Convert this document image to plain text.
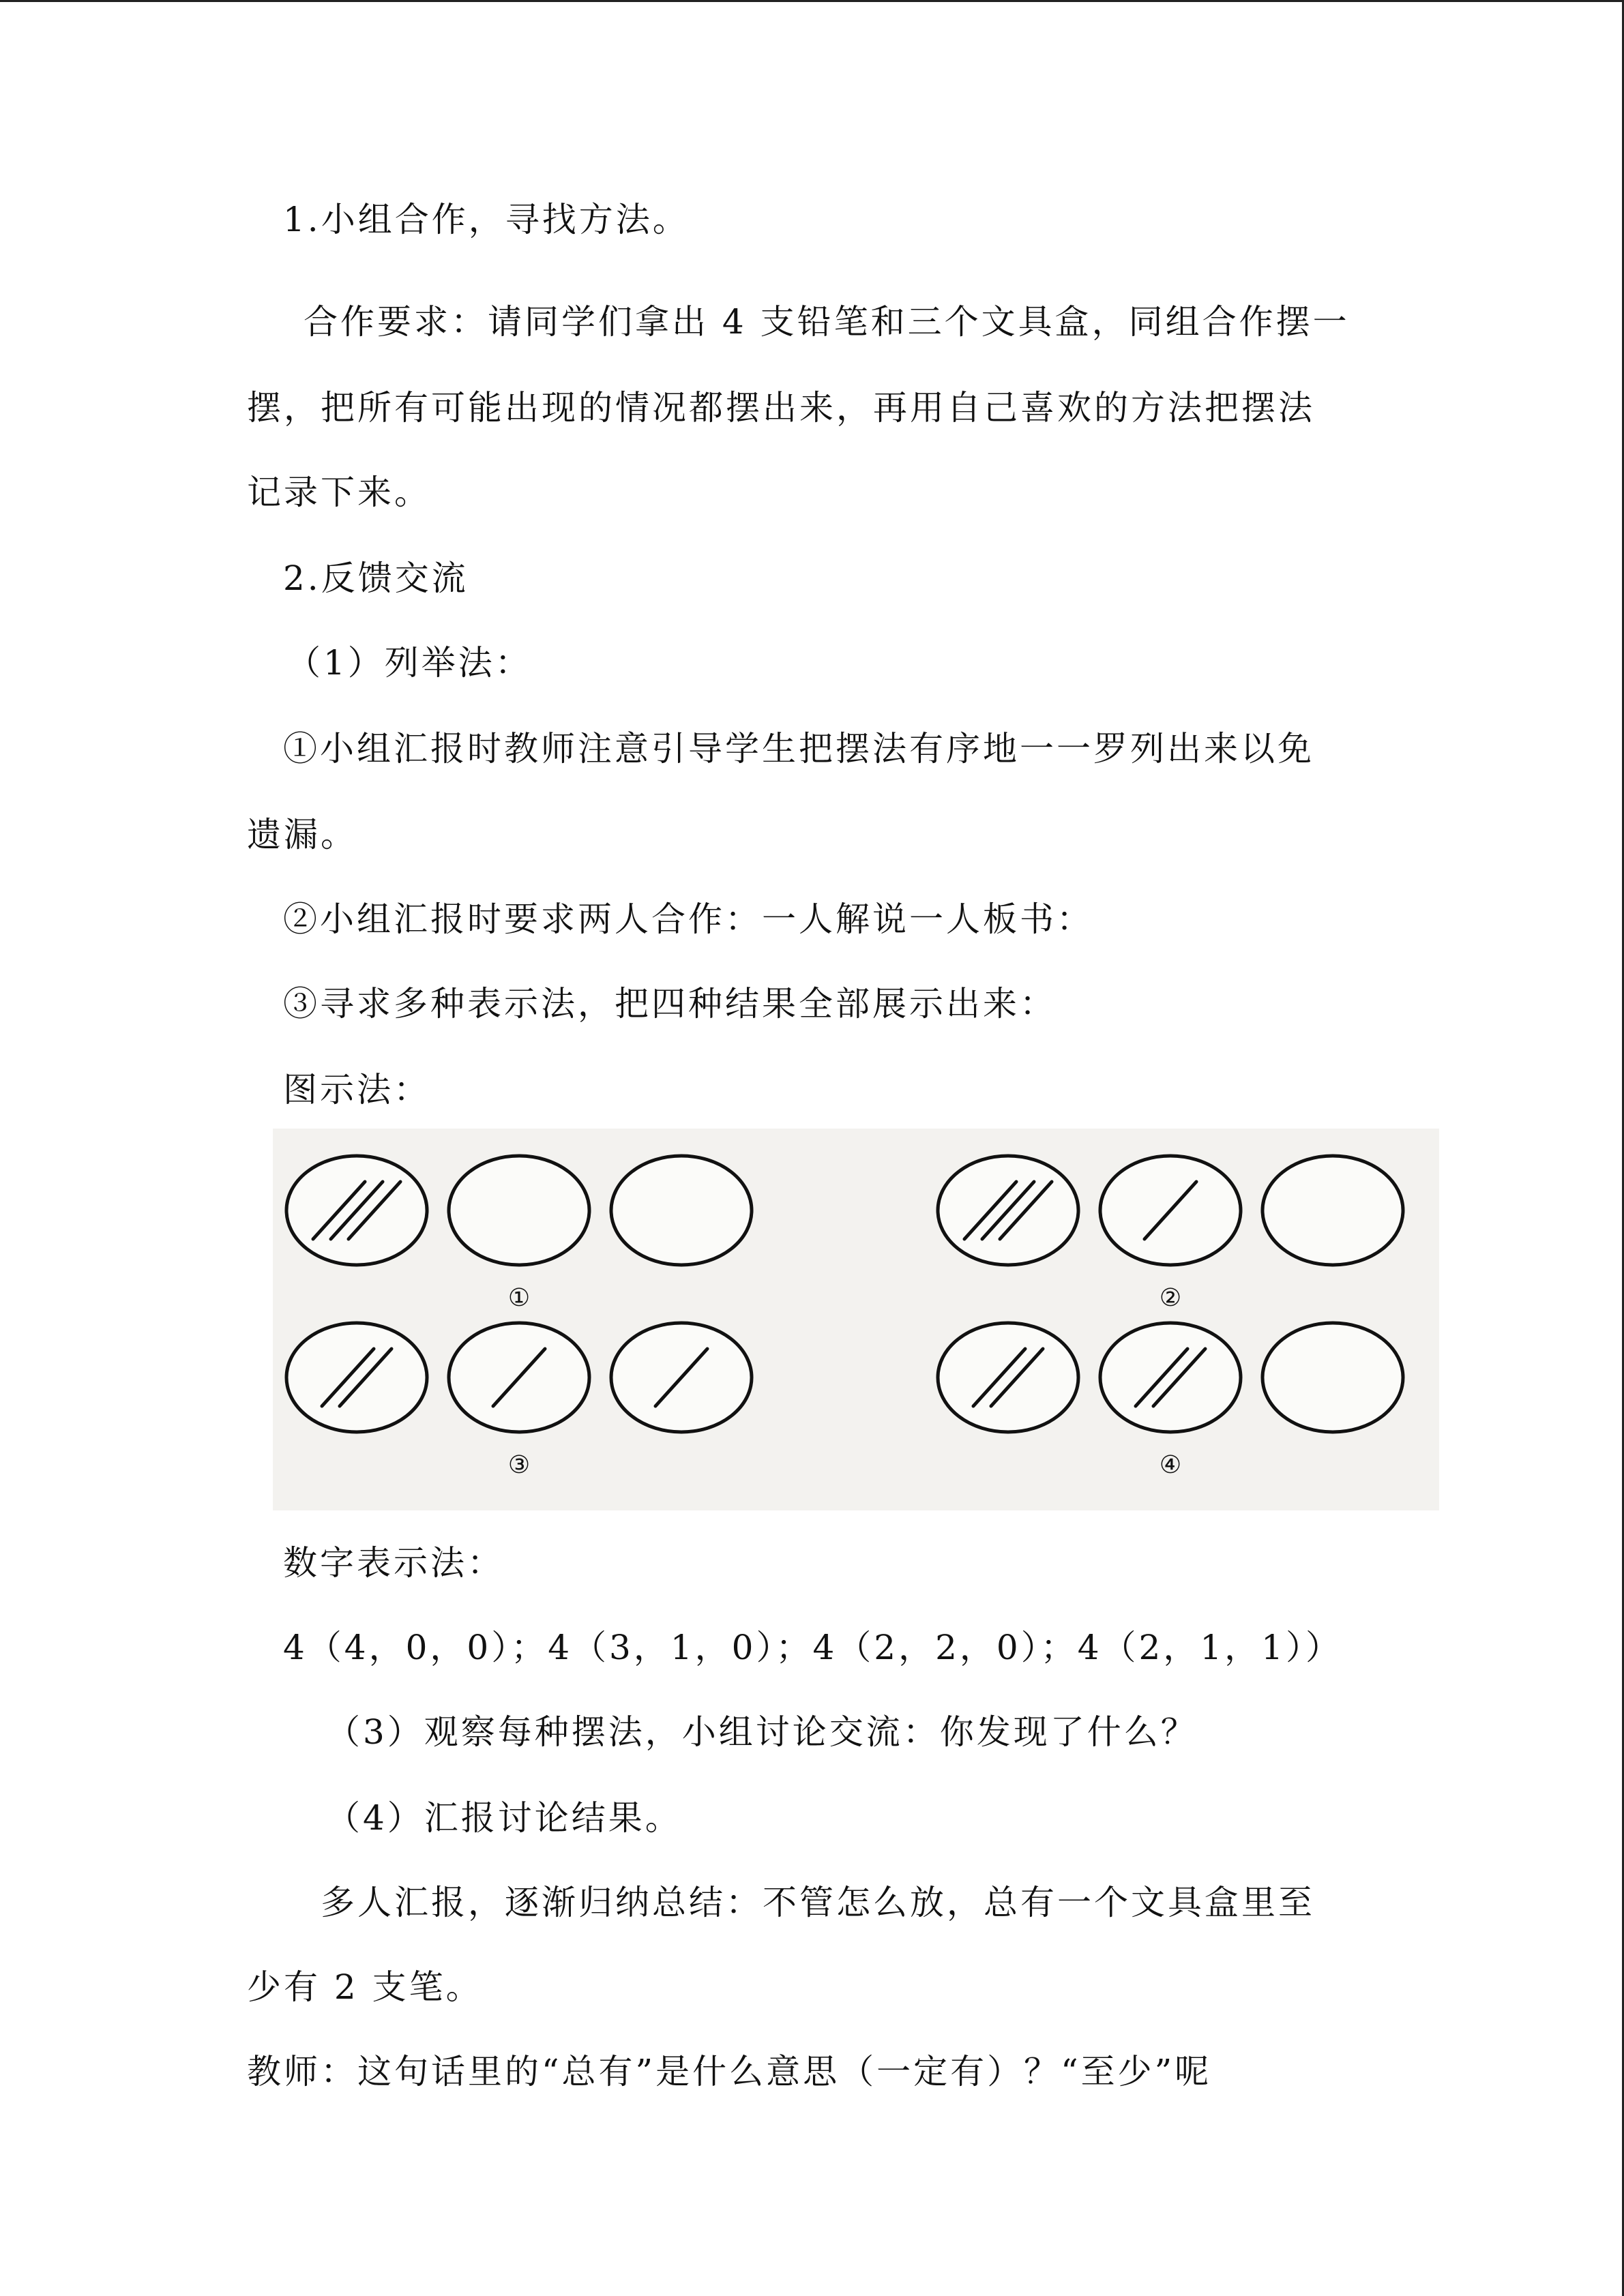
1.小组合作，寻找方法。
合作要求：请同学们拿出 4 支铅笔和三个文具盒，同组合作摆一
摆，把所有可能出现的情况都摆出来，再用自己喜欢的方法把摆法
记录下来。
2.反馈交流
（1）列举法：
①小组汇报时教师注意引导学生把摆法有序地一一罗列出来以免
遗漏。
②小组汇报时要求两人合作：一人解说一人板书：
③寻求多种表示法，把四种结果全部展示出来：
图示法：
①	②
③	④
数字表示法：
4（4，0，0）；4（3，1，0）；4（2，2，0）；4（2，1，1））
（3）观察每种摆法，小组讨论交流：你发现了什么？
（4）汇报讨论结果。
多人汇报，逐渐归纳总结：不管怎么放，总有一个文具盒里至
少有 2 支笔。
教师：这句话里的“总有”是什么意思（一定有）？“至少”呢
